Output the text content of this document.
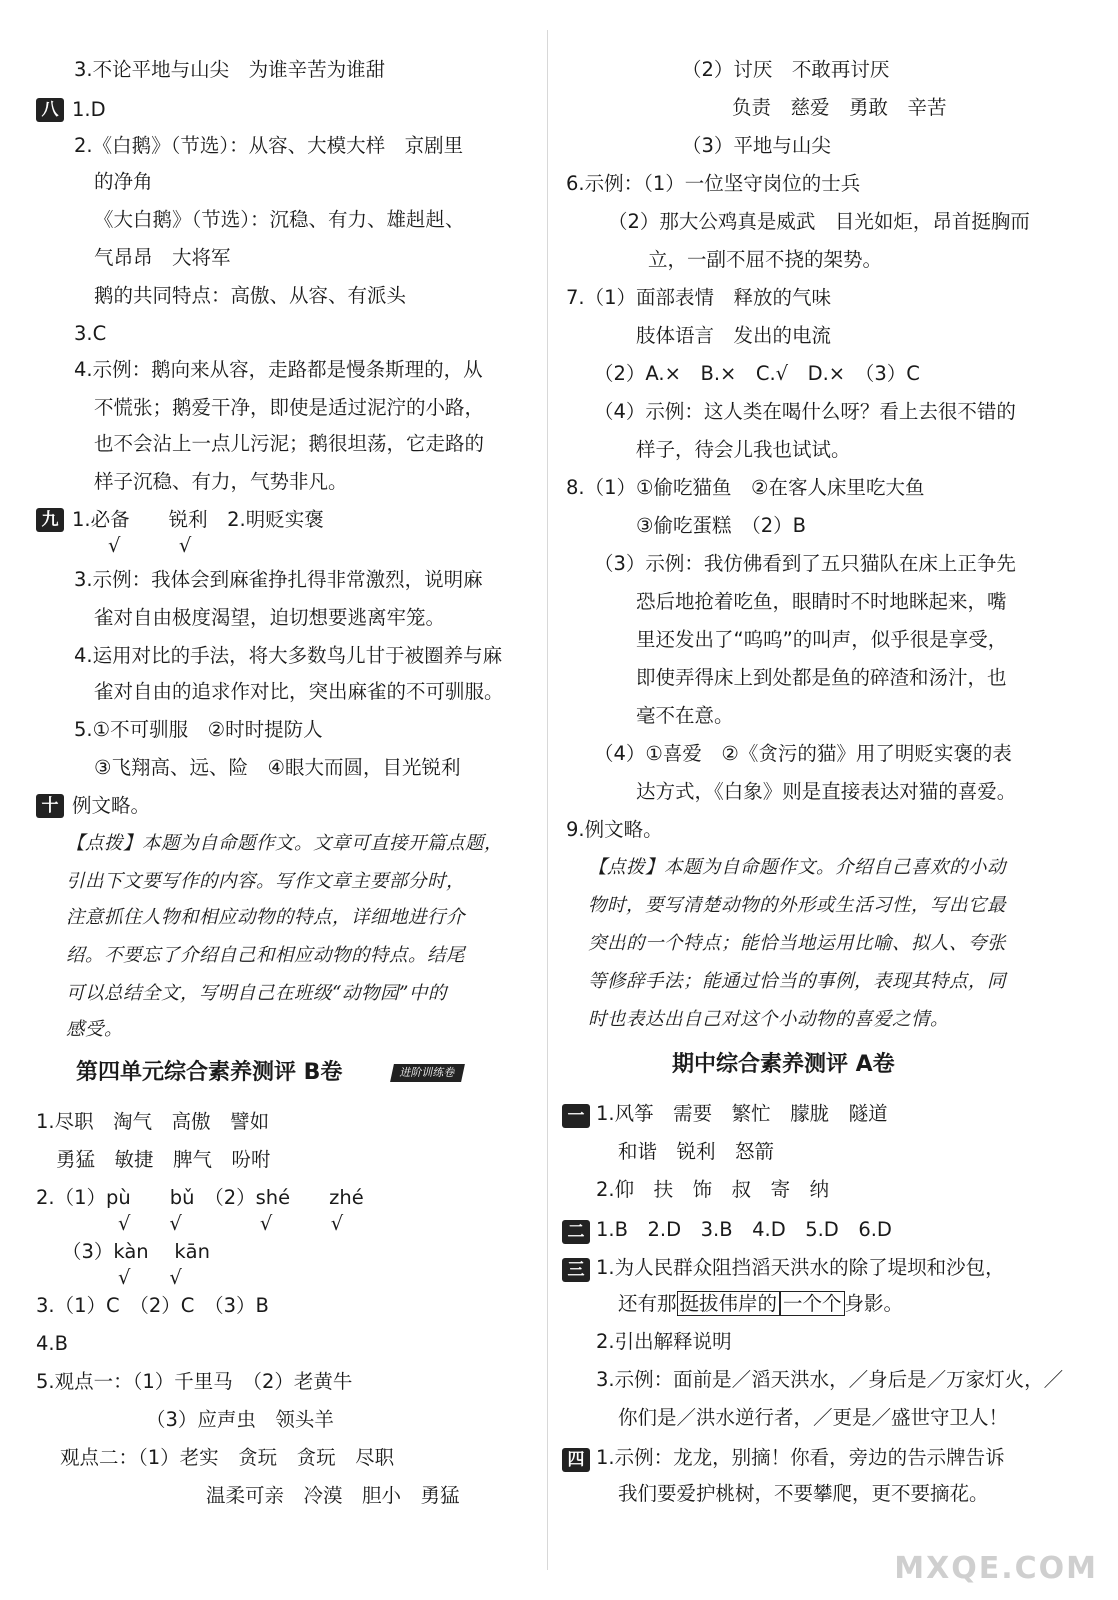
3.不论平地与山尖　为谁辛苦为谁甜
八 1.D
2.《白鹅》（节选）：从容、大模大样　京剧里
的净角
《大白鹅》（节选）：沉稳、有力、雄赳赳、
气昂昂　大将军
鹅的共同特点：高傲、从容、有派头
3.C
4.示例：鹅向来从容，走路都是慢条斯理的，从
不慌张；鹅爱干净，即使是适过泥泞的小路，
也不会沾上一点儿污泥；鹅很坦荡，它走路的
样子沉稳、有力，气势非凡。
九 1.必备　　锐利　2.明贬实褒
√　　　√
3.示例：我体会到麻雀挣扎得非常激烈，说明麻
雀对自由极度渴望，迫切想要逃离牢笼。
4.运用对比的手法，将大多数鸟儿甘于被圈养与麻
雀对自由的追求作对比，突出麻雀的不可驯服。
5.①不可驯服　②时时提防人
③飞翔高、远、险　④眼大而圆，目光锐利
十 例文略。
【点拨】本题为自命题作文。文章可直接开篇点题，
引出下文要写作的内容。写作文章主要部分时，
注意抓住人物和相应动物的特点，详细地进行介
绍。不要忘了介绍自己和相应动物的特点。结尾
可以总结全文，写明自己在班级“动物园”中的
感受。
第四单元综合素养测评 B卷	进阶训练卷
1.尽职　淘气　高傲　譬如
勇猛　敏捷　脾气　吩咐
2.（1）pù　　bǔ　（2）shé　　zhé
√　　√　　　　√　　　√
（3）kàn　 kān
√　　√
3.（1）C　（2）C　（3）B
4.B
5.观点一：（1）千里马　（2）老黄牛
（3）应声虫　领头羊
观点二：（1）老实　贪玩　贪玩　尽职
温柔可亲　冷漠　胆小　勇猛
（2）讨厌　不敢再讨厌
负责　慈爱　勇敢　辛苦
（3）平地与山尖
6.示例：（1）一位坚守岗位的士兵
（2）那大公鸡真是威武　目光如炬，昂首挺胸而
立，一副不屈不挠的架势。
7.（1）面部表情　释放的气味
肢体语言　发出的电流
（2）A.×　B.×　C.√　D.×　（3）C
（4）示例：这人类在喝什么呀？看上去很不错的
样子，待会儿我也试试。
8.（1）①偷吃猫鱼　②在客人床里吃大鱼
③偷吃蛋糕　（2）B
（3）示例：我仿佛看到了五只猫队在床上正争先
恐后地抢着吃鱼，眼睛时不时地眯起来，嘴
里还发出了“呜呜”的叫声，似乎很是享受，
即使弄得床上到处都是鱼的碎渣和汤汁，也
毫不在意。
（4）①喜爱　②《贪污的猫》用了明贬实褒的表
达方式，《白象》则是直接表达对猫的喜爱。
9.例文略。
【点拨】本题为自命题作文。介绍自己喜欢的小动
物时，要写清楚动物的外形或生活习性，写出它最
突出的一个特点；能恰当地运用比喻、拟人、夸张
等修辞手法；能通过恰当的事例，表现其特点，同
时也表达出自己对这个小动物的喜爱之情。
期中综合素养测评 A卷
一 1.风筝　需要　繁忙　朦胧　隧道
和谐　锐利　怒箭
2.仰　扶　饰　叔　寄　纳
二 1.B　2.D　3.B　4.D　5.D　6.D
三 1.为人民群众阻挡滔天洪水的除了堤坝和沙包，
还有那 挺拔伟岸的 一个个 身影。
2.引出解释说明
3.示例：面前是／滔天洪水，／身后是／万家灯火，／
你们是／洪水逆行者，／更是／盛世守卫人！
四 1.示例：龙龙，别摘！你看，旁边的告示牌告诉
我们要爱护桃树，不要攀爬，更不要摘花。
MXQE.COM
